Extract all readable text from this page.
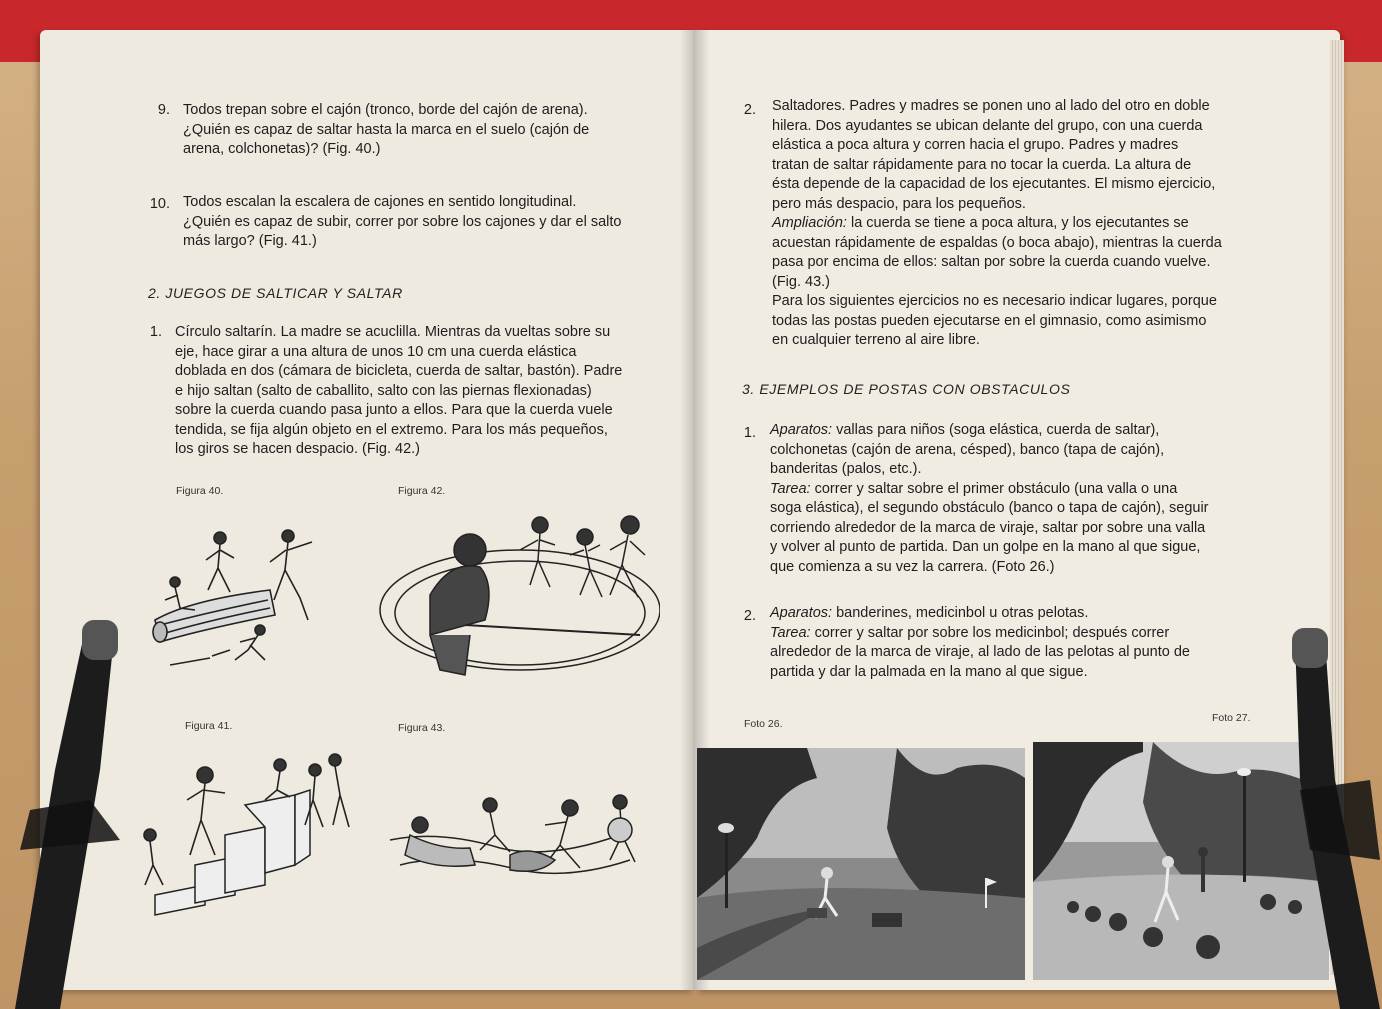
9. Todos trepan sobre el cajón (tronco, borde del cajón de arena).
¿Quién es capaz de saltar hasta la marca en el suelo (cajón de
arena, colchonetas)? (Fig. 40.)
10. Todos escalan la escalera de cajones en sentido longitudinal.
¿Quién es capaz de subir, correr por sobre los cajones y dar el salto
más largo? (Fig. 41.)
2. JUEGOS DE SALTICAR Y SALTAR
1. Círculo saltarín. La madre se acuclilla. Mientras da vueltas sobre su
eje, hace girar a una altura de unos 10 cm una cuerda elástica
doblada en dos (cámara de bicicleta, cuerda de saltar, bastón). Padre
e hijo saltan (salto de caballito, salto con las piernas flexionadas)
sobre la cuerda cuando pasa junto a ellos. Para que la cuerda vuele
tendida, se fija algún objeto en el extremo. Para los más pequeños,
los giros se hacen despacio. (Fig. 42.)
Figura 40.	Figura 42.
Figura 41.	Figura 43.
2. Saltadores. Padres y madres se ponen uno al lado del otro en doble
hilera. Dos ayudantes se ubican delante del grupo, con una cuerda
elástica a poca altura y corren hacia el grupo. Padres y madres
tratan de saltar rápidamente para no tocar la cuerda. La altura de
ésta depende de la capacidad de los ejecutantes. El mismo ejercicio,
pero más despacio, para los pequeños.
Ampliación: la cuerda se tiene a poca altura, y los ejecutantes se
acuestan rápidamente de espaldas (o boca abajo), mientras la cuerda
pasa por encima de ellos: saltan por sobre la cuerda cuando vuelve.
(Fig. 43.)
Para los siguientes ejercicios no es necesario indicar lugares, porque
todas las postas pueden ejecutarse en el gimnasio, como asimismo
en cualquier terreno al aire libre.
3. EJEMPLOS DE POSTAS CON OBSTACULOS
1. Aparatos: vallas para niños (soga elástica, cuerda de saltar),
colchonetas (cajón de arena, césped), banco (tapa de cajón),
banderitas (palos, etc.).
Tarea: correr y saltar sobre el primer obstáculo (una valla o una
soga elástica), el segundo obstáculo (banco o tapa de cajón), seguir
corriendo alrededor de la marca de viraje, saltar por sobre una valla
y volver al punto de partida. Dan un golpe en la mano al que sigue,
que comienza a su vez la carrera. (Foto 26.)
2. Aparatos: banderines, medicinbol u otras pelotas.
Tarea: correr y saltar por sobre los medicinbol; después correr
alrededor de la marca de viraje, al lado de las pelotas al punto de
partida y dar la palmada en la mano al que sigue.
Foto 26.	Foto 27.
